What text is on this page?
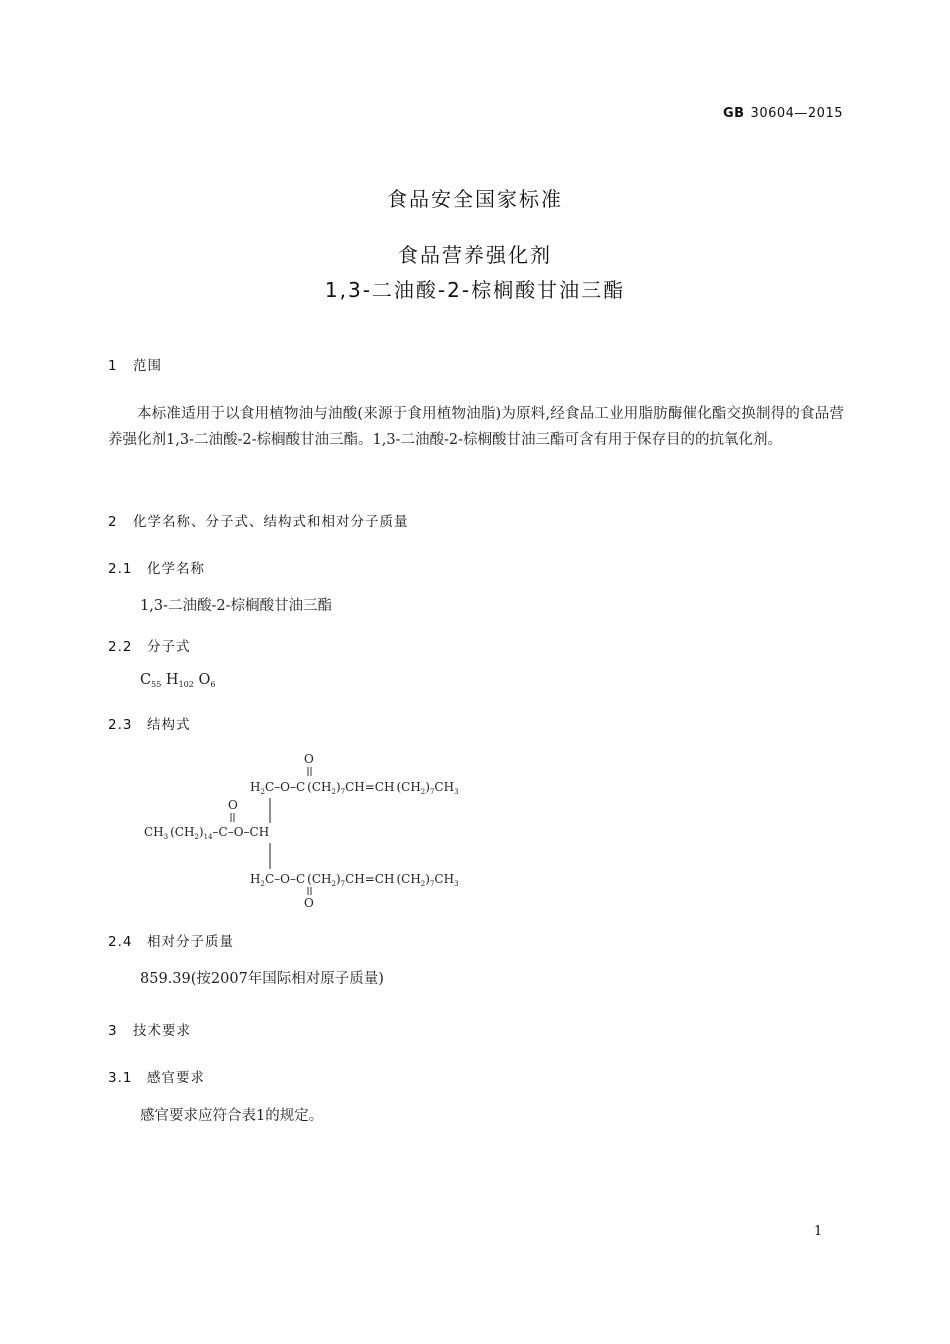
GB 30604—2015
食品安全国家标准
食品营养强化剂
1,3-二油酸-2-棕榈酸甘油三酯
1 范围
本标准适用于以食用植物油与油酸(来源于食用植物油脂)为原料,经食品工业用脂肪酶催化酯交换制得的食品营养强化剂1,3-二油酸-2-棕榈酸甘油三酯。1,3-二油酸-2-棕榈酸甘油三酯可含有用于保存目的的抗氧化剂。
2 化学名称、分子式、结构式和相对分子质量
2.1 化学名称
1,3-二油酸-2-棕榈酸甘油三酯
2.2 分子式
$C_{55}$ $H_{102}$ $O_6$
2.3 结构式
O
$H_2C-O-C$ $(CH_2)_7CH=CH$ $(CH_2)_7CH_3$
O
$CH_3$ $(CH_2)_{14}-C-O-CH$
$H_2C-O-C$ $(CH_2)_7CH=CH$ $(CH_2)_7CH_3$
O
2.4 相对分子质量
859.39(按2007年国际相对原子质量)
3 技术要求
3.1 感官要求
感官要求应符合表1的规定。
1
